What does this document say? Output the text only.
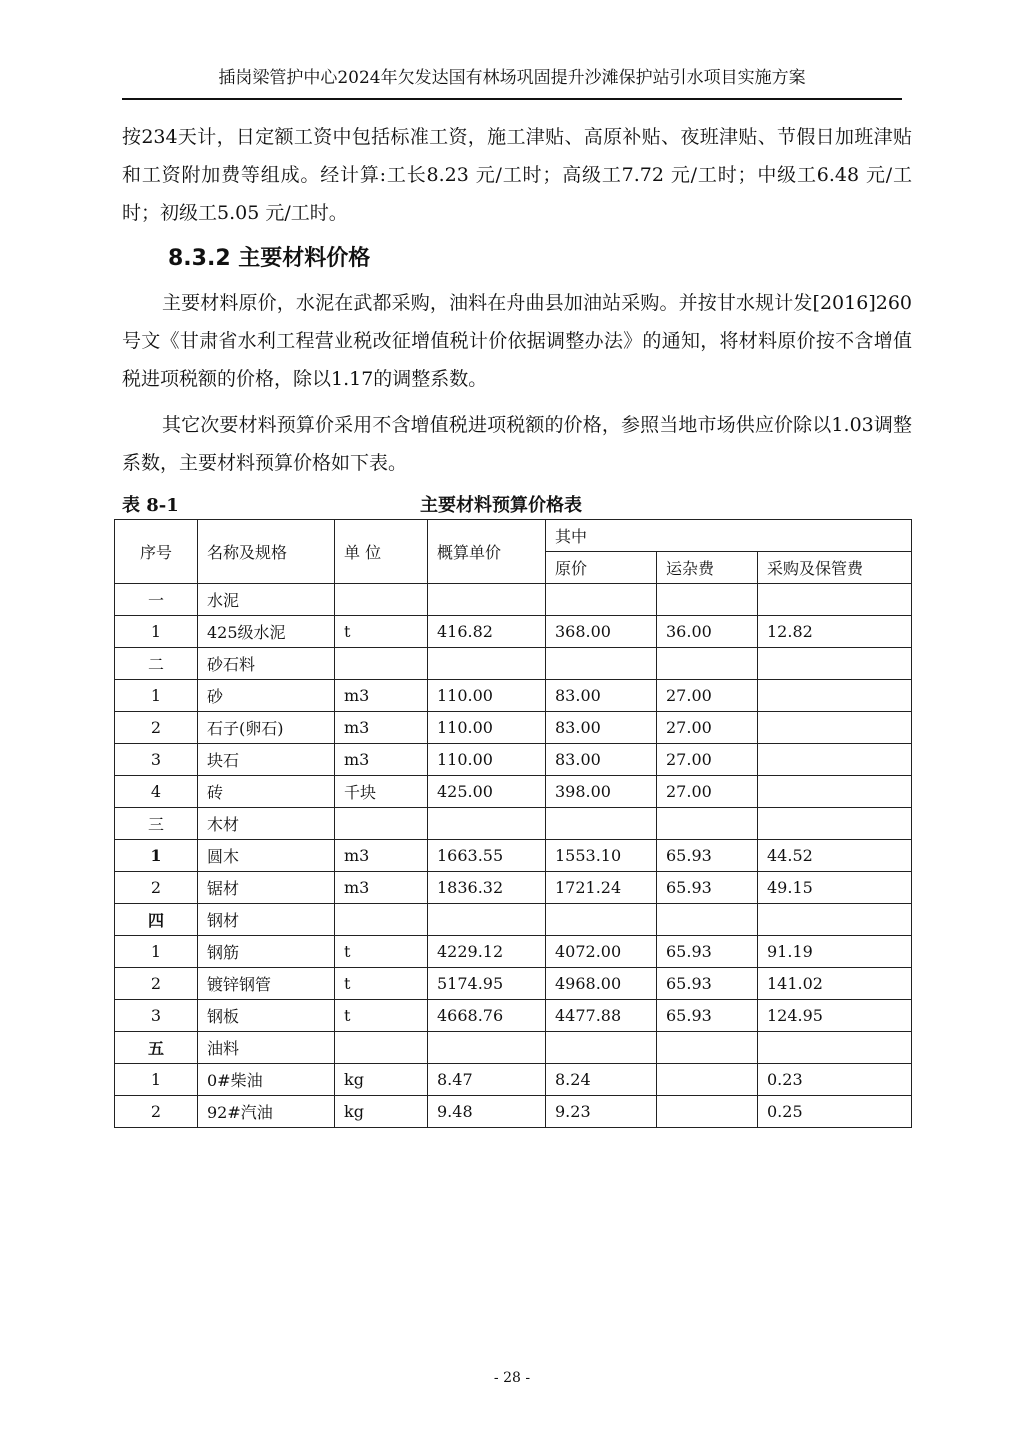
插岗梁管护中心2024年欠发达国有林场巩固提升沙滩保护站引水项目实施方案

按234天计，日定额工资中包括标准工资，施工津贴、高原补贴、夜班津贴、节假日加班津贴和工资附加费等组成。经计算:工长8.23 元/工时；高级工7.72 元/工时；中级工6.48 元/工时；初级工5.05 元/工时。

8.3.2 主要材料价格

主要材料原价，水泥在武都采购，油料在舟曲县加油站采购。并按甘水规计发[2016]260号文《甘肃省水利工程营业税改征增值税计价依据调整办法》的通知，将材料原价按不含增值税进项税额的价格，除以1.17的调整系数。

其它次要材料预算价采用不含增值税进项税额的价格，参照当地市场供应价除以1.03调整系数，主要材料预算价格如下表。

表 8-1	主要材料预算价格表
序号	名称及规格	单 位	概算单价	其中		
				原价	运杂费	采购及保管费
一	水泥					
1	425级水泥	t	416.82	368.00	36.00	12.82
二	砂石料					
1	砂	m3	110.00	83.00	27.00	
2	石子(卵石)	m3	110.00	83.00	27.00	
3	块石	m3	110.00	83.00	27.00	
4	砖	千块	425.00	398.00	27.00	
三	木材					
1	圆木	m3	1663.55	1553.10	65.93	44.52
2	锯材	m3	1836.32	1721.24	65.93	49.15
四	钢材					
1	钢筋	t	4229.12	4072.00	65.93	91.19
2	镀锌钢管	t	5174.95	4968.00	65.93	141.02
3	钢板	t	4668.76	4477.88	65.93	124.95
五	油料					
1	0#柴油	kg	8.47	8.24		0.23
2	92#汽油	kg	9.48	9.23		0.25
- 28 -
